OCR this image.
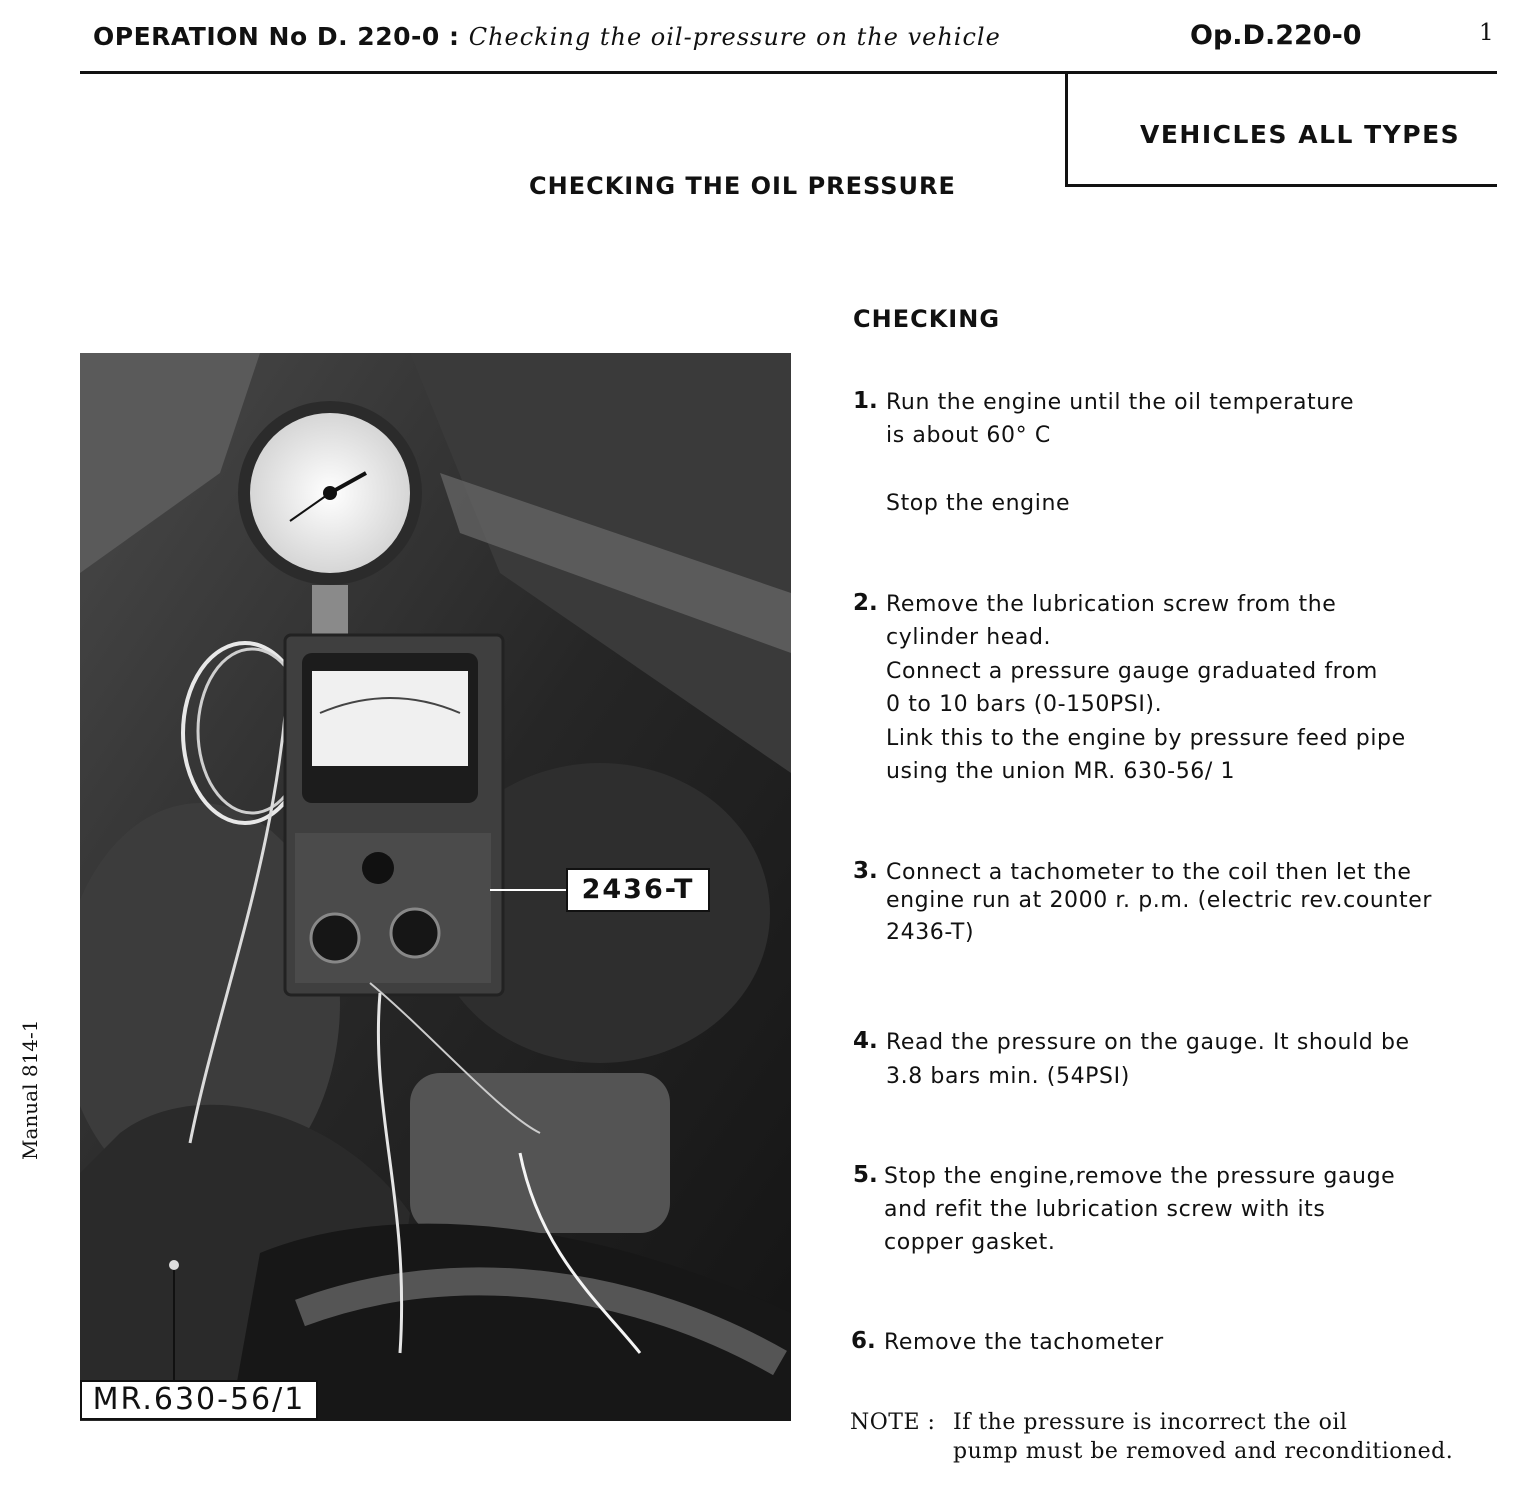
OPERATION No D. 220-0 : Checking the oil-pressure on the vehicle	Op.D.220-0	1
VEHICLES ALL TYPES
CHECKING THE OIL PRESSURE
Manual 814-1
2436-T
MR.630-56/1
CHECKING
1. Run the engine until the oil temperature
is about 60° C
Stop the engine
2. Remove the lubrication screw from the
cylinder head.
Connect a pressure gauge graduated from
0 to 10 bars (0-150PSI).
Link this to the engine by pressure feed pipe
using the union MR. 630-56/ 1
3. Connect a tachometer to the coil then let the
engine run at 2000 r. p.m. (electric rev.counter
2436-T)
4. Read the pressure on the gauge. It should be
3.8 bars min. (54PSI)
5. Stop the engine,remove the pressure gauge
and refit the lubrication screw with its
copper gasket.
6. Remove the tachometer
NOTE : If the pressure is incorrect the oil
pump must be removed and reconditioned.
